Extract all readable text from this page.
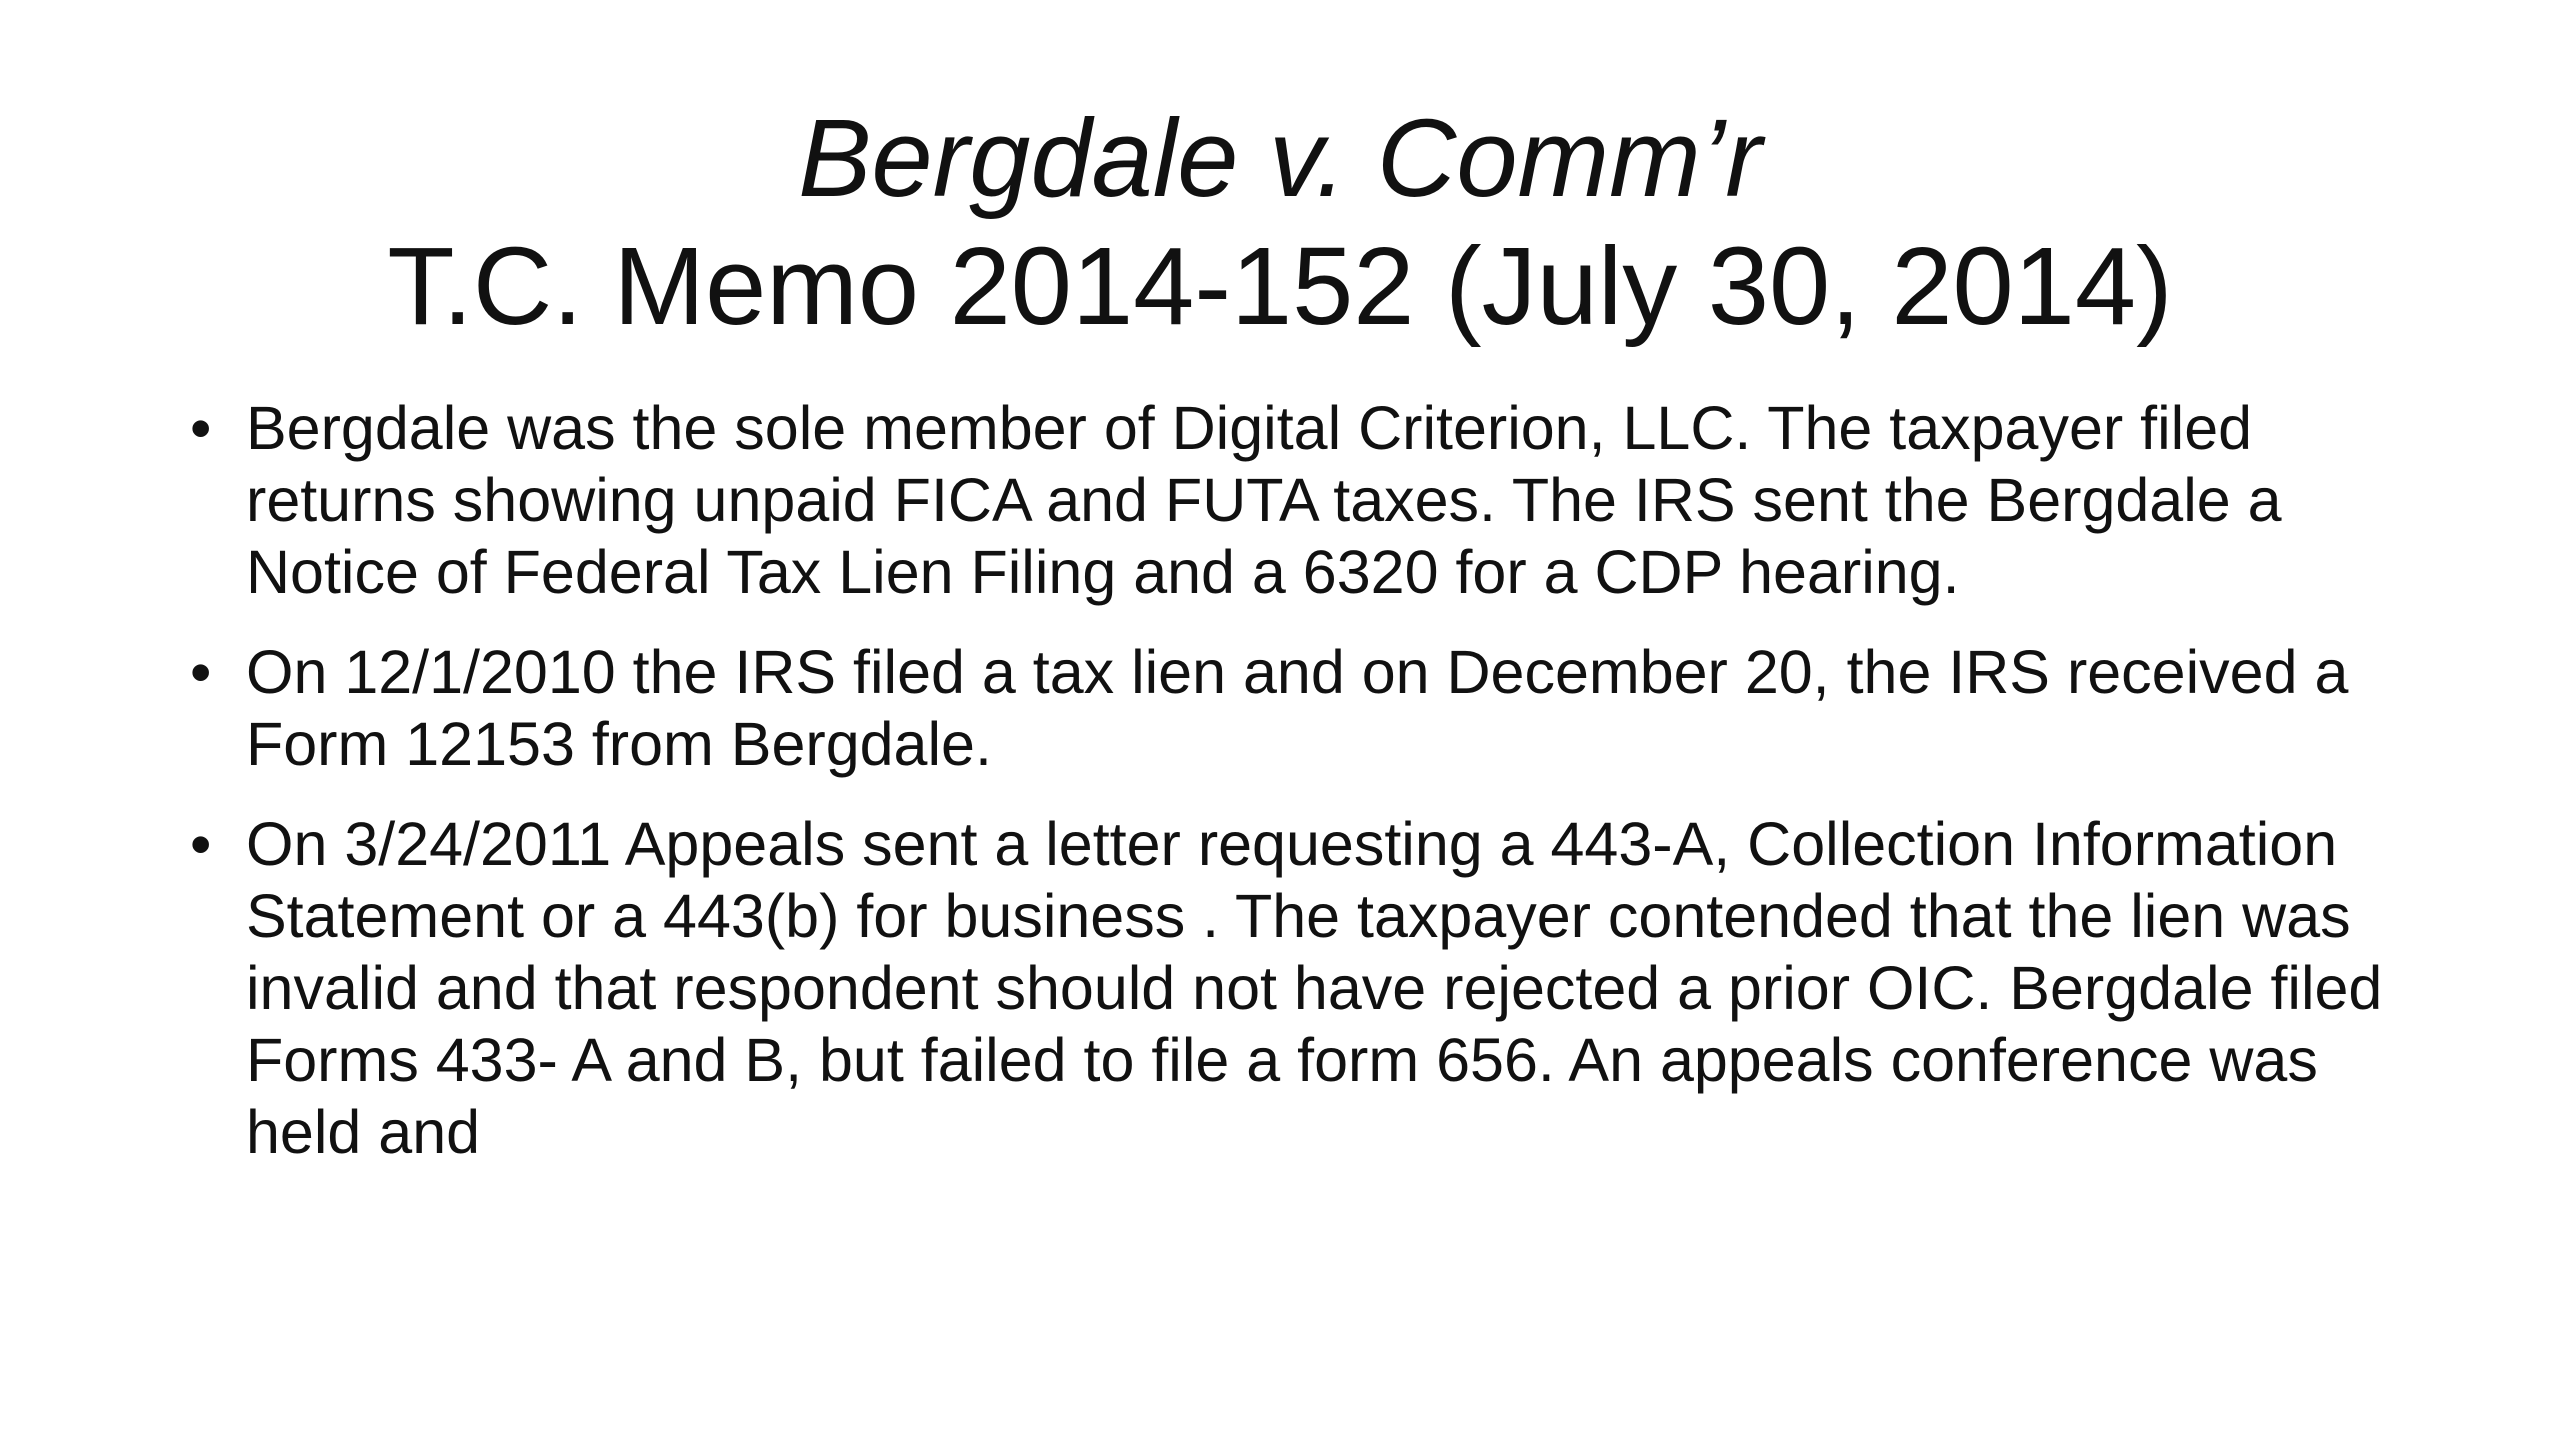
Bergdale v. Comm’r
T.C. Memo 2014-152 (July 30, 2014)
• Bergdale was the sole member of Digital Criterion, LLC. The taxpayer filed returns showing unpaid FICA and FUTA taxes. The IRS sent the Bergdale a Notice of Federal Tax Lien Filing and a 6320 for a CDP hearing.
• On 12/1/2010 the IRS filed a tax lien and on December 20, the IRS received a Form 12153 from Bergdale.
• On 3/24/2011 Appeals sent a letter requesting a 443-A, Collection Information Statement or a 443(b) for business . The taxpayer contended that the lien was invalid and that respondent should not have rejected a prior OIC. Bergdale filed Forms 433- A and B, but failed to file a form 656. An appeals conference was held and
